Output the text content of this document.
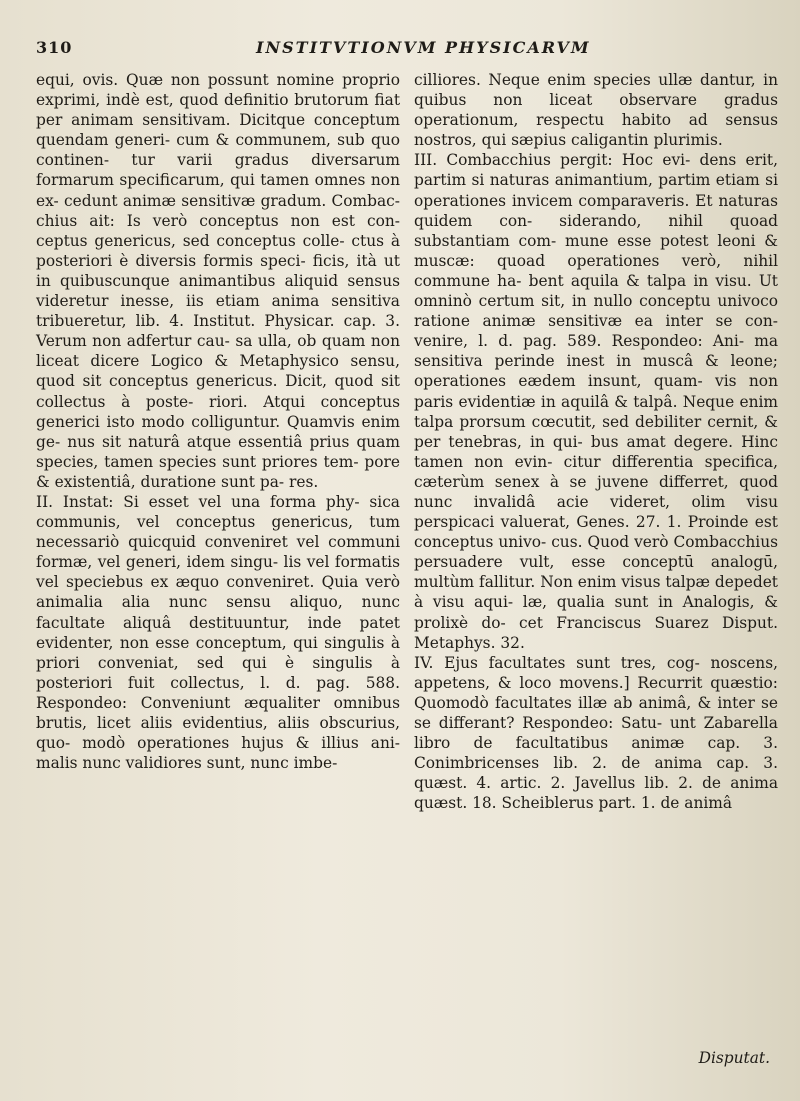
310	INSTITVTIONVM PHYSICARVM

equi, ovis. Quæ non possunt nomine proprio exprimi, indè est, quod definitio brutorum fiat per animam sensitivam. Dicitque conceptum quendam generi- cum & communem, sub quo continen- tur varii gradus diversarum formarum specificarum, qui tamen omnes non ex- cedunt animæ sensitivæ gradum. Combac- chius ait: Is verò conceptus non est con- ceptus genericus, sed conceptus colle- ctus à posteriori è diversis formis speci- ficis, ità ut in quibuscunque animantibus aliquid sensus videretur inesse, iis etiam anima sensitiva tribueretur, lib. 4. Institut. Physicar. cap. 3. Verum non adfertur cau- sa ulla, ob quam non liceat dicere Logico & Metaphysico sensu, quod sit conceptus genericus. Dicit, quod sit collectus à poste- riori. Atqui conceptus generici isto modo colliguntur. Quamvis enim ge- nus sit naturâ atque essentiâ prius quam species, tamen species sunt priores tem- pore & existentiâ, duratione sunt pa- res.
II. Instat: Si esset vel una forma phy- sica communis, vel conceptus genericus, tum necessariò quicquid conveniret vel communi formæ, vel generi, idem singu- lis vel formatis vel speciebus ex æquo conveniret. Quia verò animalia alia nunc sensu aliquo, nunc facultate aliquâ destituuntur, inde patet evidenter, non esse conceptum, qui singulis à priori conveniat, sed qui è singulis à posteriori fuit collectus, l. d. pag. 588. Respondeo: Conveniunt æqualiter omnibus brutis, licet aliis evidentius, aliis obscurius, quo- modò operationes hujus & illius ani- malis nunc validiores sunt, nunc imbe-

cilliores. Neque enim species ullæ dantur, in quibus non liceat observare gradus operationum, respectu habito ad sensus nostros, qui sæpius caligantin plurimis.
III. Combacchius pergit: Hoc evi- dens erit, partim si naturas animantium, partim etiam si operationes invicem comparaveris. Et naturas quidem con- siderando, nihil quoad substantiam com- mune esse potest leoni & muscæ: quoad operationes verò, nihil commune ha- bent aquila & talpa in visu. Ut omninò certum sit, in nullo conceptu univoco ratione animæ sensitivæ ea inter se con- venire, l. d. pag. 589. Respondeo: Ani- ma sensitiva perinde inest in muscâ & leone; operationes eædem insunt, quam- vis non paris evidentiæ in aquilâ & talpâ. Neque enim talpa prorsum cœcutit, sed debiliter cernit, & per tenebras, in qui- bus amat degere. Hinc tamen non evin- citur differentia specifica, cæterùm senex à se juvene differret, quod nunc invalidâ acie videret, olim visu perspicaci valuerat, Genes. 27. 1. Proinde est conceptus univo- cus. Quod verò Combacchius persuadere vult, esse conceptū analogū, multùm fallitur. Non enim visus talpæ depedet à visu aqui- læ, qualia sunt in Analogis, & prolixè do- cet Franciscus Suarez Disput. Metaphys. 32.
IV. Ejus facultates sunt tres, cog- noscens, appetens, & loco movens.] Recurrit quæstio: Quomodò facultates illæ ab animâ, & inter se se differant? Respondeo: Satu- unt Zabarella libro de facultatibus animæ cap. 3. Conimbricenses lib. 2. de anima cap. 3. quæst. 4. artic. 2. Javellus lib. 2. de anima quæst. 18. Scheiblerus part. 1. de animâ

Disputat.
